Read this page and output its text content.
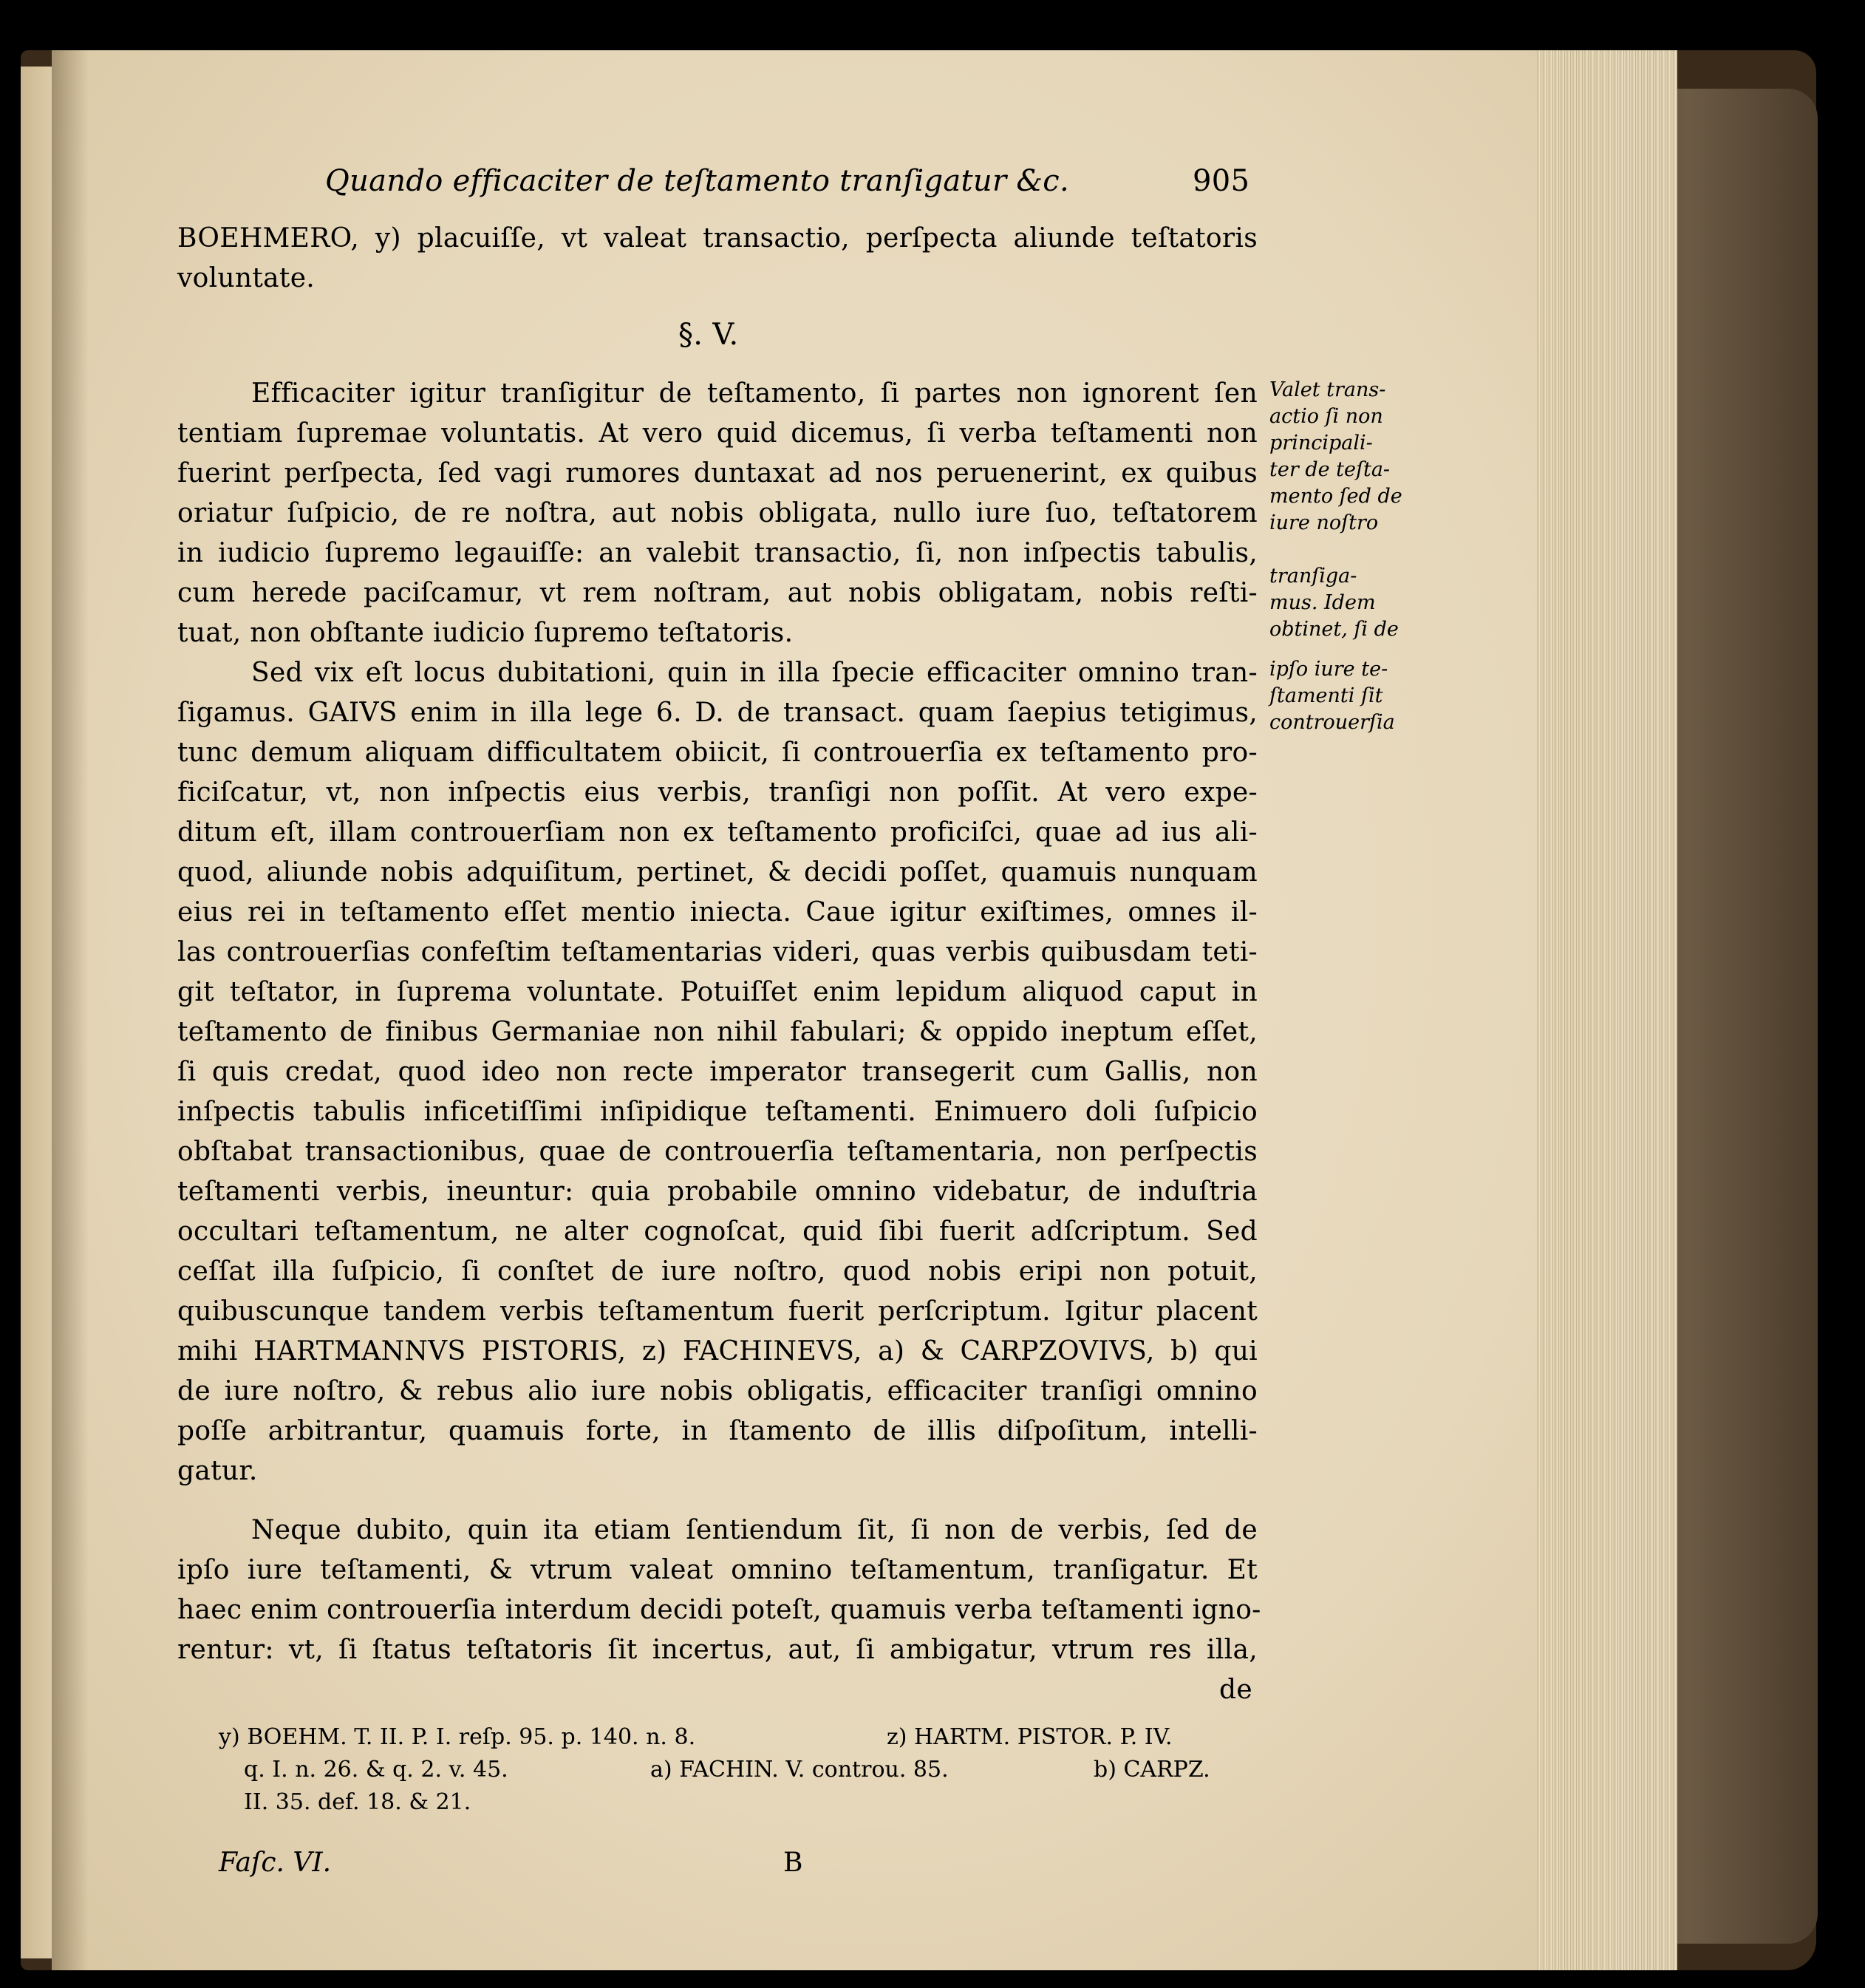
Quando efficaciter de teſtamento tranſigatur &c.	905
BOEHMERO, y) placuiſſe, vt valeat transactio, perſpecta aliunde teſtatoris
voluntate.
§. V.
Efficaciter igitur tranſigitur de teſtamento, ſi partes non ignorent ſen
tentiam ſupremae voluntatis. At vero quid dicemus, ſi verba teſtamenti non
fuerint perſpecta, ſed vagi rumores duntaxat ad nos peruenerint, ex quibus
oriatur ſuſpicio, de re noſtra, aut nobis obligata, nullo iure ſuo, teſtatorem
in iudicio ſupremo legauiſſe: an valebit transactio, ſi, non inſpectis tabulis,
cum herede paciſcamur, vt rem noſtram, aut nobis obligatam, nobis reſti-
tuat, non obſtante iudicio ſupremo teſtatoris.
Sed vix eſt locus dubitationi, quin in illa ſpecie efficaciter omnino tran-
ſigamus. GAIVS enim in illa lege 6. D. de transact. quam ſaepius tetigimus,
tunc demum aliquam difficultatem obiicit, ſi controuerſia ex teſtamento pro-
ficiſcatur, vt, non inſpectis eius verbis, tranſigi non poſſit. At vero expe-
ditum eſt, illam controuerſiam non ex teſtamento proficiſci, quae ad ius ali-
quod, aliunde nobis adquiſitum, pertinet, & decidi poſſet, quamuis nunquam
eius rei in teſtamento eſſet mentio iniecta. Caue igitur exiſtimes, omnes il-
las controuerſias confeſtim teſtamentarias videri, quas verbis quibusdam teti-
git teſtator, in ſuprema voluntate. Potuiſſet enim lepidum aliquod caput in
teſtamento de finibus Germaniae non nihil fabulari; & oppido ineptum eſſet,
ſi quis credat, quod ideo non recte imperator transegerit cum Gallis, non
inſpectis tabulis inficetiſſimi inſipidique teſtamenti. Enimuero doli ſuſpicio
obſtabat transactionibus, quae de controuerſia teſtamentaria, non perſpectis
teſtamenti verbis, ineuntur: quia probabile omnino videbatur, de induſtria
occultari teſtamentum, ne alter cognoſcat, quid ſibi fuerit adſcriptum. Sed
ceſſat illa ſuſpicio, ſi conſtet de iure noſtro, quod nobis eripi non potuit,
quibuscunque tandem verbis teſtamentum fuerit perſcriptum. Igitur placent
mihi HARTMANNVS PISTORIS, z) FACHINEVS, a) & CARPZOVIVS, b) qui
de iure noſtro, & rebus alio iure nobis obligatis, efficaciter tranſigi omnino
poſſe arbitrantur, quamuis forte, in ſtamento de illis diſpoſitum, intelli-
gatur.
Neque dubito, quin ita etiam ſentiendum ſit, ſi non de verbis, ſed de
ipſo iure teſtamenti, & vtrum valeat omnino teſtamentum, tranſigatur. Et
haec enim controuerſia interdum decidi poteſt, quamuis verba teſtamenti igno-
rentur: vt, ſi ſtatus teſtatoris ſit incertus, aut, ſi ambigatur, vtrum res illa,
de
Valet trans-
actio ſi non
principali-
ter de teſta-
mento ſed de
iure noſtro
tranſiga-
mus. Idem
obtinet, ſi de
ipſo iure te-
ſtamenti ſit
controuerſia
y) BOEHM. T. II. P. I. reſp. 95. p. 140. n. 8.	z) HARTM. PISTOR. P. IV.
q. I. n. 26. & q. 2. v. 45.	a) FACHIN. V. controu. 85.	b) CARPZ.
II. 35. def. 18. & 21.
Faſc. VI.	B
